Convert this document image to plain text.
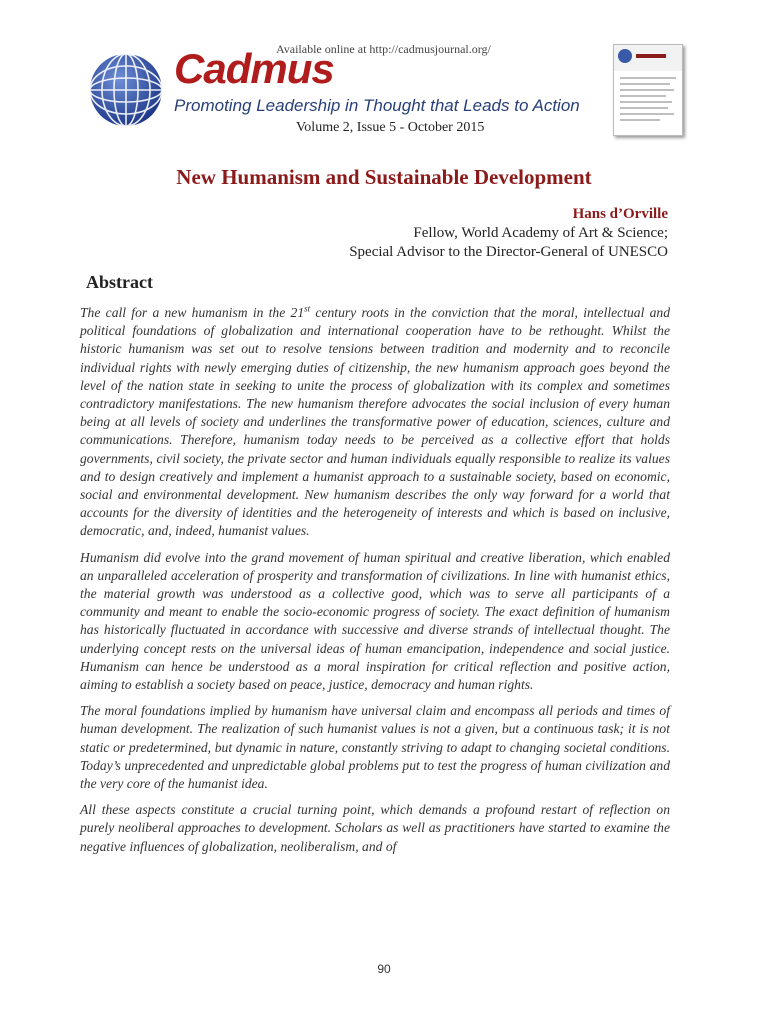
Available online at http://cadmusjournal.org/
Cadmus
Promoting Leadership in Thought that Leads to Action
Volume 2, Issue 5 - October 2015
New Humanism and Sustainable Development
Hans d’Orville
Fellow, World Academy of Art & Science;
Special Advisor to the Director-General of UNESCO
Abstract

The call for a new humanism in the 21st century roots in the conviction that the moral, intellectual and political foundations of globalization and international cooperation have to be rethought. Whilst the historic humanism was set out to resolve tensions between tradition and modernity and to reconcile individual rights with newly emerging duties of citizenship, the new humanism approach goes beyond the level of the nation state in seeking to unite the process of globalization with its complex and sometimes contradictory manifestations. The new humanism therefore advocates the social inclusion of every human being at all levels of society and underlines the transformative power of education, sciences, culture and communications. Therefore, humanism today needs to be perceived as a collective effort that holds governments, civil society, the private sector and human individuals equally responsible to realize its values and to design creatively and implement a humanist approach to a sustainable society, based on economic, social and environmental development. New humanism describes the only way forward for a world that accounts for the diversity of identities and the heterogeneity of interests and which is based on inclusive, democratic, and, indeed, humanist values.

Humanism did evolve into the grand movement of human spiritual and creative liberation, which enabled an unparalleled acceleration of prosperity and transformation of civilizations. In line with humanist ethics, the material growth was understood as a collective good, which was to serve all participants of a community and meant to enable the socio-economic progress of society. The exact definition of humanism has historically fluctuated in accordance with successive and diverse strands of intellectual thought. The underlying concept rests on the universal ideas of human emancipation, independence and social justice. Humanism can hence be understood as a moral inspiration for critical reflection and positive action, aiming to establish a society based on peace, justice, democracy and human rights.

The moral foundations implied by humanism have universal claim and encompass all periods and times of human development. The realization of such humanist values is not a given, but a continuous task; it is not static or predetermined, but dynamic in nature, constantly striving to adapt to changing societal conditions. Today’s unprecedented and unpredictable global problems put to test the progress of human civilization and the very core of the humanist idea.

All these aspects constitute a crucial turning point, which demands a profound restart of reflection on purely neoliberal approaches to development. Scholars as well as practitioners have started to examine the negative influences of globalization, neoliberalism, and of

90
